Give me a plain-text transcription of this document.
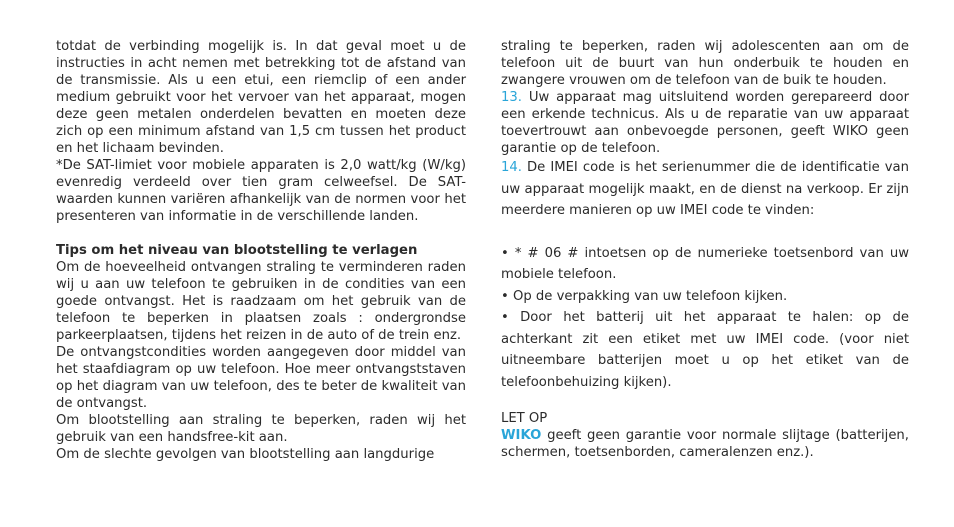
totdat de verbinding mogelijk is. In dat geval moet u de instructies in acht nemen met betrekking tot de afstand van de transmissie. Als u een etui, een riemclip of een ander medium gebruikt voor het vervoer van het apparaat, mogen deze geen metalen onderdelen bevatten en moeten deze zich op een minimum afstand van 1,5 cm tussen het product en het lichaam bevinden.

*De SAT-limiet voor mobiele apparaten is 2,0 watt/kg (W/kg) evenredig verdeeld over tien gram celweefsel. De SAT-waarden kunnen variëren afhankelijk van de normen voor het presenteren van informatie in de verschillende landen.

Tips om het niveau van blootstelling te verlagen

Om de hoeveelheid ontvangen straling te verminderen raden wij u aan uw telefoon te gebruiken in de condities van een goede ontvangst. Het is raadzaam om het gebruik van de telefoon te beperken in plaatsen zoals : ondergrondse parkeerplaatsen, tijdens het reizen in de auto of de trein enz.

De ontvangstcondities worden aangegeven door middel van het staafdiagram op uw telefoon. Hoe meer ontvangststaven op het diagram van uw telefoon, des te beter de kwaliteit van de ontvangst.

Om blootstelling aan straling te beperken, raden wij het gebruik van een handsfree-kit aan.

Om de slechte gevolgen van blootstelling aan langdurige

straling te beperken, raden wij adolescenten aan om de telefoon uit de buurt van hun onderbuik te houden en zwangere vrouwen om de telefoon van de buik te houden.

13. Uw apparaat mag uitsluitend worden gerepareerd door een erkende technicus. Als u de reparatie van uw apparaat toevertrouwt aan onbevoegde personen, geeft WIKO geen garantie op de telefoon.

14. De IMEI code is het serienummer die de identificatie van uw apparaat mogelijk maakt, en de dienst na verkoop. Er zijn meerdere manieren op uw IMEI code te vinden:

• * # 06 # intoetsen op de numerieke toetsenbord van uw mobiele telefoon.

• Op de verpakking van uw telefoon kijken.

• Door het batterij uit het apparaat te halen: op de achterkant zit een etiket met uw IMEI code. (voor niet uitneembare batterijen moet u op het etiket van de telefoonbehuizing kijken).

LET OP

WIKO geeft geen garantie voor normale slijtage (batterijen, schermen, toetsenborden, cameralenzen enz.).
